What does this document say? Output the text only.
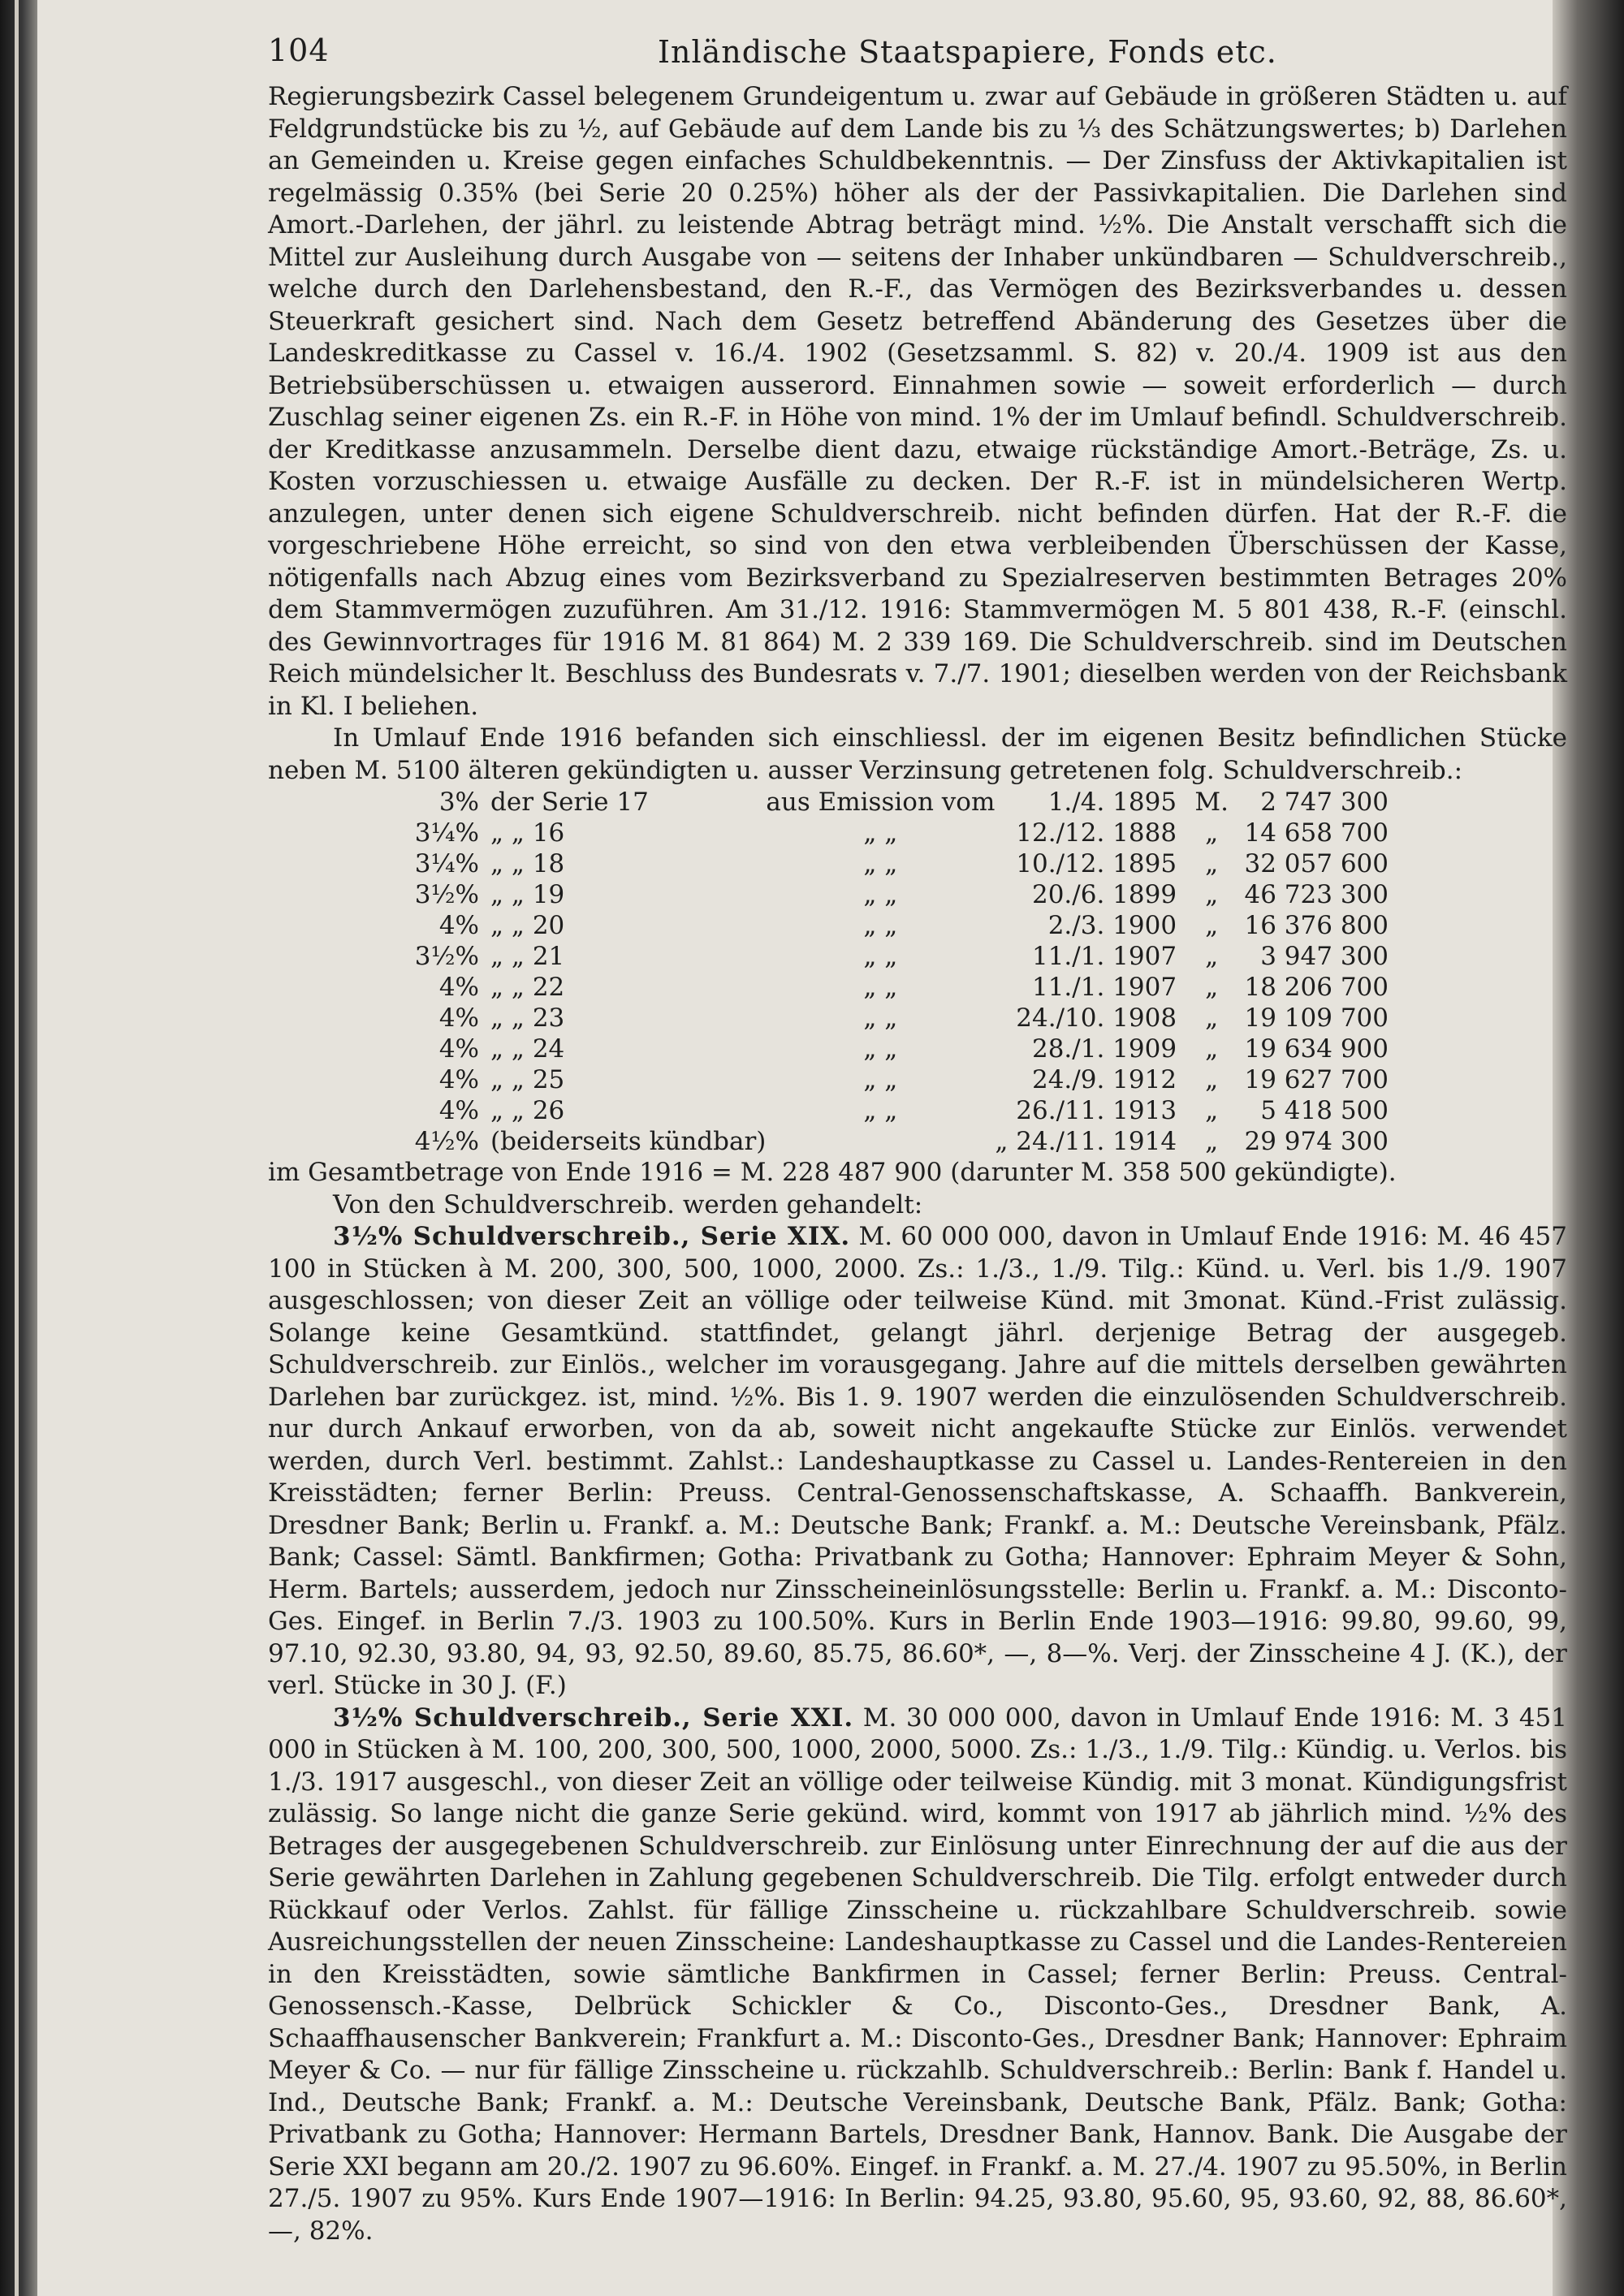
104	Inländische Staatspapiere, Fonds etc.

Regierungsbezirk Cassel belegenem Grundeigentum u. zwar auf Gebäude in größeren Städten u. auf Feldgrundstücke bis zu ½, auf Gebäude auf dem Lande bis zu ⅓ des Schätzungswertes; b) Darlehen an Gemeinden u. Kreise gegen einfaches Schuldbekenntnis. — Der Zinsfuss der Aktivkapitalien ist regelmässig 0.35% (bei Serie 20 0.25%) höher als der der Passivkapitalien. Die Darlehen sind Amort.-Darlehen, der jährl. zu leistende Abtrag beträgt mind. ½%. Die Anstalt verschafft sich die Mittel zur Ausleihung durch Ausgabe von — seitens der Inhaber unkündbaren — Schuldverschreib., welche durch den Darlehensbestand, den R.-F., das Vermögen des Bezirksverbandes u. dessen Steuerkraft gesichert sind. Nach dem Gesetz betreffend Abänderung des Gesetzes über die Landeskreditkasse zu Cassel v. 16./4. 1902 (Gesetzsamml. S. 82) v. 20./4. 1909 ist aus den Betriebsüberschüssen u. etwaigen ausserord. Einnahmen sowie — soweit erforderlich — durch Zuschlag seiner eigenen Zs. ein R.-F. in Höhe von mind. 1% der im Umlauf befindl. Schuldverschreib. der Kreditkasse anzusammeln. Derselbe dient dazu, etwaige rückständige Amort.-Beträge, Zs. u. Kosten vorzuschiessen u. etwaige Ausfälle zu decken. Der R.-F. ist in mündelsicheren Wertp. anzulegen, unter denen sich eigene Schuldverschreib. nicht befinden dürfen. Hat der R.-F. die vorgeschriebene Höhe erreicht, so sind von den etwa verbleibenden Überschüssen der Kasse, nötigenfalls nach Abzug eines vom Bezirksverband zu Spezialreserven bestimmten Betrages 20% dem Stammvermögen zuzuführen. Am 31./12. 1916: Stammvermögen M. 5 801 438, R.-F. (einschl. des Gewinnvortrages für 1916 M. 81 864) M. 2 339 169. Die Schuldverschreib. sind im Deutschen Reich mündelsicher lt. Beschluss des Bundesrats v. 7./7. 1901; dieselben werden von der Reichsbank in Kl. I beliehen.

In Umlauf Ende 1916 befanden sich einschliessl. der im eigenen Besitz befindlichen Stücke neben M. 5100 älteren gekündigten u. ausser Verzinsung getretenen folg. Schuldverschreib.:

3%	der Serie 17	aus Emission vom	1./4. 1895	M.	2 747 300
3¼%	„ „ 16	„ „	12./12. 1888	„	14 658 700
3¼%	„ „ 18	„ „	10./12. 1895	„	32 057 600
3½%	„ „ 19	„ „	20./6. 1899	„	46 723 300
4%	„ „ 20	„ „	2./3. 1900	„	16 376 800
3½%	„ „ 21	„ „	11./1. 1907	„	3 947 300
4%	„ „ 22	„ „	11./1. 1907	„	18 206 700
4%	„ „ 23	„ „	24./10. 1908	„	19 109 700
4%	„ „ 24	„ „	28./1. 1909	„	19 634 900
4%	„ „ 25	„ „	24./9. 1912	„	19 627 700
4%	„ „ 26	„ „	26./11. 1913	„	5 418 500
4½%	(beiderseits kündbar)		„ 24./11. 1914	„	29 974 300

im Gesamtbetrage von Ende 1916 = M. 228 487 900 (darunter M. 358 500 gekündigte).

Von den Schuldverschreib. werden gehandelt:

3½% Schuldverschreib., Serie XIX. M. 60 000 000, davon in Umlauf Ende 1916: M. 46 457 100 in Stücken à M. 200, 300, 500, 1000, 2000. Zs.: 1./3., 1./9. Tilg.: Künd. u. Verl. bis 1./9. 1907 ausgeschlossen; von dieser Zeit an völlige oder teilweise Künd. mit 3monat. Künd.-Frist zulässig. Solange keine Gesamtkünd. stattfindet, gelangt jährl. derjenige Betrag der ausgegeb. Schuldverschreib. zur Einlös., welcher im vorausgegang. Jahre auf die mittels derselben gewährten Darlehen bar zurückgez. ist, mind. ½%. Bis 1. 9. 1907 werden die einzulösenden Schuldverschreib. nur durch Ankauf erworben, von da ab, soweit nicht angekaufte Stücke zur Einlös. verwendet werden, durch Verl. bestimmt. Zahlst.: Landeshauptkasse zu Cassel u. Landes-Rentereien in den Kreisstädten; ferner Berlin: Preuss. Central-Genossenschaftskasse, A. Schaaffh. Bankverein, Dresdner Bank; Berlin u. Frankf. a. M.: Deutsche Bank; Frankf. a. M.: Deutsche Vereinsbank, Pfälz. Bank; Cassel: Sämtl. Bankfirmen; Gotha: Privatbank zu Gotha; Hannover: Ephraim Meyer & Sohn, Herm. Bartels; ausserdem, jedoch nur Zinsscheineinlösungsstelle: Berlin u. Frankf. a. M.: Disconto-Ges. Eingef. in Berlin 7./3. 1903 zu 100.50%. Kurs in Berlin Ende 1903—1916: 99.80, 99.60, 99, 97.10, 92.30, 93.80, 94, 93, 92.50, 89.60, 85.75, 86.60*, —, 8—%. Verj. der Zinsscheine 4 J. (K.), der verl. Stücke in 30 J. (F.)

3½% Schuldverschreib., Serie XXI. M. 30 000 000, davon in Umlauf Ende 1916: M. 3 451 000 in Stücken à M. 100, 200, 300, 500, 1000, 2000, 5000. Zs.: 1./3., 1./9. Tilg.: Kündig. u. Verlos. bis 1./3. 1917 ausgeschl., von dieser Zeit an völlige oder teilweise Kündig. mit 3 monat. Kündigungsfrist zulässig. So lange nicht die ganze Serie gekünd. wird, kommt von 1917 ab jährlich mind. ½% des Betrages der ausgegebenen Schuldverschreib. zur Einlösung unter Einrechnung der auf die aus der Serie gewährten Darlehen in Zahlung gegebenen Schuldverschreib. Die Tilg. erfolgt entweder durch Rückkauf oder Verlos. Zahlst. für fällige Zinsscheine u. rückzahlbare Schuldverschreib. sowie Ausreichungsstellen der neuen Zinsscheine: Landeshauptkasse zu Cassel und die Landes-Rentereien in den Kreisstädten, sowie sämtliche Bankfirmen in Cassel; ferner Berlin: Preuss. Central-Genossensch.-Kasse, Delbrück Schickler & Co., Disconto-Ges., Dresdner Bank, A. Schaaffhausenscher Bankverein; Frankfurt a. M.: Disconto-Ges., Dresdner Bank; Hannover: Ephraim Meyer & Co. — nur für fällige Zinsscheine u. rückzahlb. Schuldverschreib.: Berlin: Bank f. Handel u. Ind., Deutsche Bank; Frankf. a. M.: Deutsche Vereinsbank, Deutsche Bank, Pfälz. Bank; Gotha: Privatbank zu Gotha; Hannover: Hermann Bartels, Dresdner Bank, Hannov. Bank. Die Ausgabe der Serie XXI begann am 20./2. 1907 zu 96.60%. Eingef. in Frankf. a. M. 27./4. 1907 zu 95.50%, in Berlin 27./5. 1907 zu 95%. Kurs Ende 1907—1916: In Berlin: 94.25, 93.80, 95.60, 95, 93.60, 92, 88, 86.60*, —, 82%.
